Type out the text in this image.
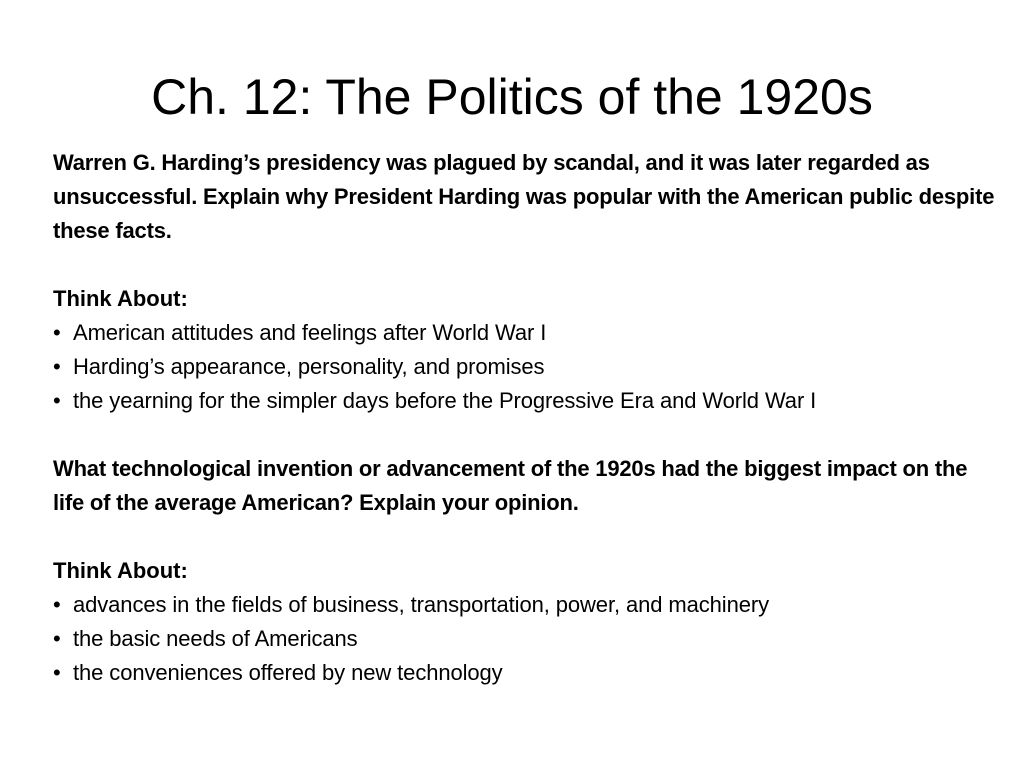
Ch. 12: The Politics of the 1920s

Warren G. Harding’s presidency was plagued by scandal, and it was later regarded as unsuccessful. Explain why President Harding was popular with the American public despite these facts.

Think About:

• American attitudes and feelings after World War I

• Harding’s appearance, personality, and promises

• the yearning for the simpler days before the Progressive Era and World War I

What technological invention or advancement of the 1920s had the biggest impact on the life of the average American? Explain your opinion.

Think About:

• advances in the fields of business, transportation, power, and machinery

• the basic needs of Americans

• the conveniences offered by new technology
